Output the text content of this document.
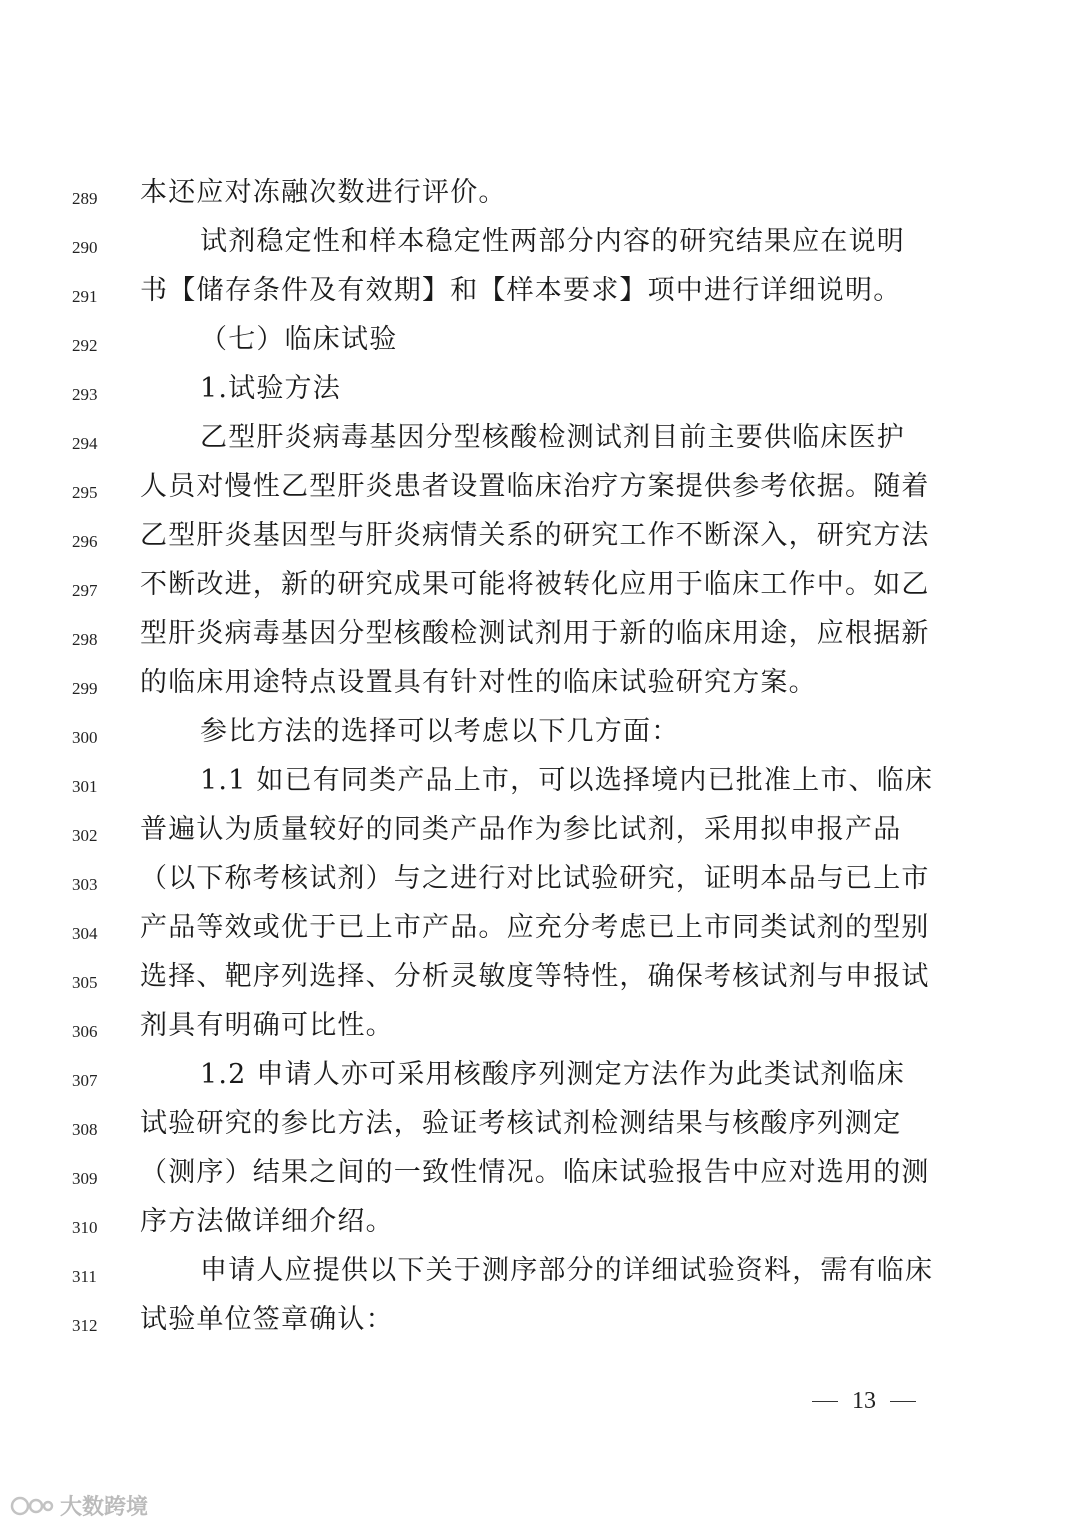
289	本还应对冻融次数进行评价。
290	试剂稳定性和样本稳定性两部分内容的研究结果应在说明
291	书【储存条件及有效期】和【样本要求】项中进行详细说明。
292	（七）临床试验
293	1.试验方法
294	乙型肝炎病毒基因分型核酸检测试剂目前主要供临床医护
295	人员对慢性乙型肝炎患者设置临床治疗方案提供参考依据。随着
296	乙型肝炎基因型与肝炎病情关系的研究工作不断深入，研究方法
297	不断改进，新的研究成果可能将被转化应用于临床工作中。如乙
298	型肝炎病毒基因分型核酸检测试剂用于新的临床用途，应根据新
299	的临床用途特点设置具有针对性的临床试验研究方案。
300	参比方法的选择可以考虑以下几方面：
301	1.1 如已有同类产品上市，可以选择境内已批准上市、临床
302	普遍认为质量较好的同类产品作为参比试剂，采用拟申报产品
303	（以下称考核试剂）与之进行对比试验研究，证明本品与已上市
304	产品等效或优于已上市产品。应充分考虑已上市同类试剂的型别
305	选择、靶序列选择、分析灵敏度等特性，确保考核试剂与申报试
306	剂具有明确可比性。
307	1.2 申请人亦可采用核酸序列测定方法作为此类试剂临床
308	试验研究的参比方法，验证考核试剂检测结果与核酸序列测定
309	（测序）结果之间的一致性情况。临床试验报告中应对选用的测
310	序方法做详细介绍。
311	申请人应提供以下关于测序部分的详细试验资料，需有临床
312	试验单位签章确认：
13
大数跨境
